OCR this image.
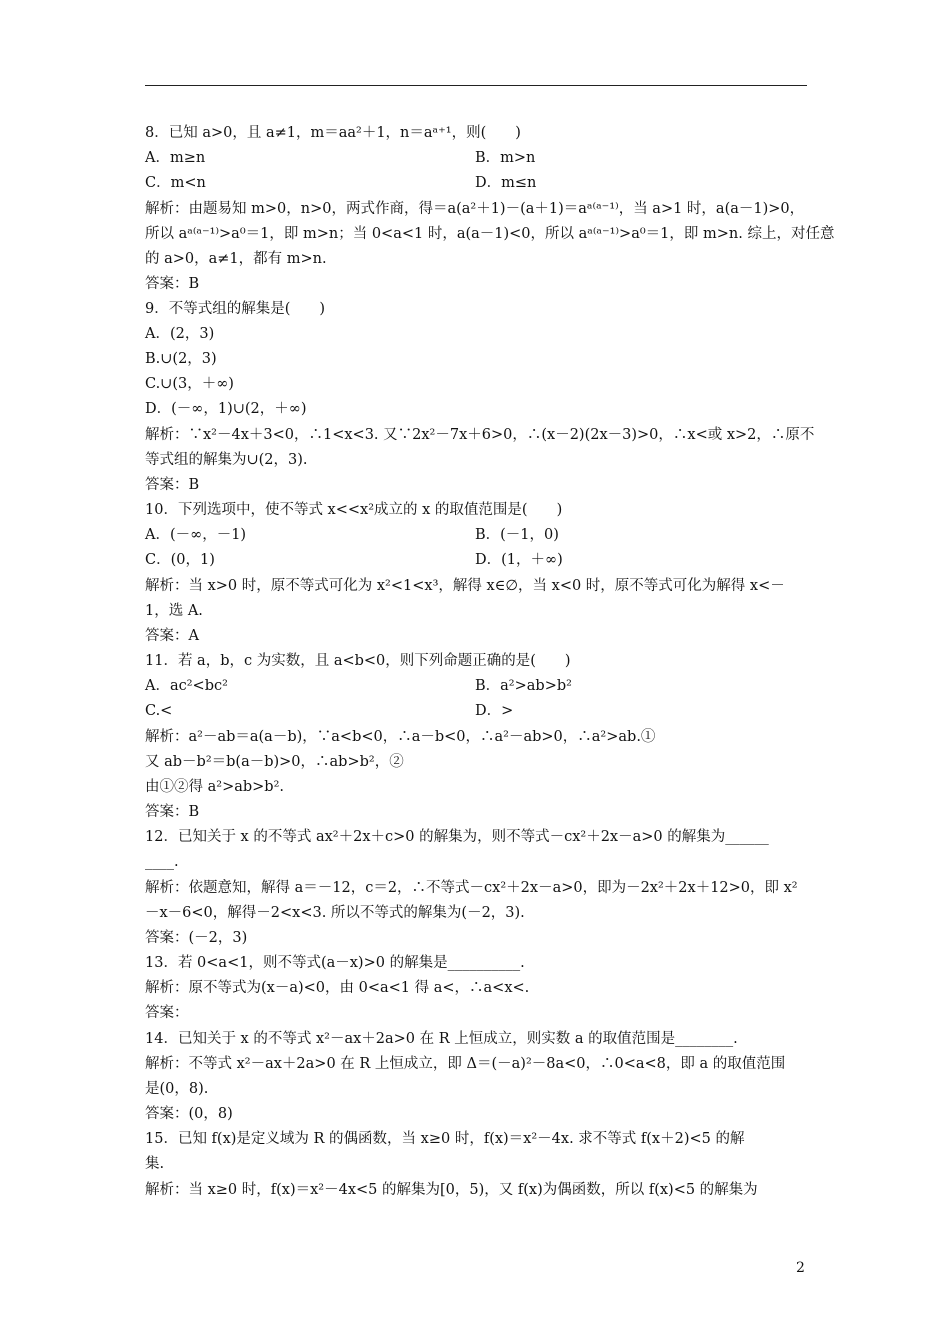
8．已知 a>0，且 a≠1，m＝aa²＋1，n＝aᵃ⁺¹，则(　　)
A．m≥n	B．m>n
C．m<n	D．m≤n
解析：由题易知 m>0，n>0，两式作商，得＝a(a²＋1)－(a＋1)＝aᵃ⁽ᵃ⁻¹⁾，当 a>1 时，a(a－1)>0，
所以 aᵃ⁽ᵃ⁻¹⁾>a⁰＝1，即 m>n；当 0<a<1 时，a(a－1)<0，所以 aᵃ⁽ᵃ⁻¹⁾>a⁰＝1，即 m>n. 综上，对任意
的 a>0，a≠1，都有 m>n.
答案：B
9．不等式组的解集是(　　)
A．(2，3)
B.∪(2，3)
C.∪(3，＋∞)
D．(－∞，1)∪(2，＋∞)
解析：∵x²－4x＋3<0，∴1<x<3. 又∵2x²－7x＋6>0，∴(x－2)(2x－3)>0，∴x<或 x>2，∴原不
等式组的解集为∪(2，3).
答案：B
10．下列选项中，使不等式 x<<x²成立的 x 的取值范围是(　　)
A．(－∞，－1)	B．(－1，0)
C．(0，1)	D．(1，＋∞)
解析：当 x>0 时，原不等式可化为 x²<1<x³，解得 x∈∅，当 x<0 时，原不等式可化为解得 x<－
1，选 A.
答案：A
11．若 a，b，c 为实数，且 a<b<0，则下列命题正确的是(　　)
A．ac²<bc²	B．a²>ab>b²
C.<	D．>
解析：a²－ab＝a(a－b)，∵a<b<0，∴a－b<0，∴a²－ab>0，∴a²>ab.①
又 ab－b²＝b(a－b)>0，∴ab>b²，②
由①②得 a²>ab>b².
答案：B
12．已知关于 x 的不等式 ax²＋2x＋c>0 的解集为，则不等式－cx²＋2x－a>0 的解集为______
____.
解析：依题意知，解得 a＝－12，c＝2，∴不等式－cx²＋2x－a>0，即为－2x²＋2x＋12>0，即 x²
－x－6<0，解得－2<x<3. 所以不等式的解集为(－2，3).
答案：(－2，3)
13．若 0<a<1，则不等式(a－x)>0 的解集是__________.
解析：原不等式为(x－a)<0，由 0<a<1 得 a<，∴a<x<.
答案：
14．已知关于 x 的不等式 x²－ax＋2a>0 在 R 上恒成立，则实数 a 的取值范围是________.
解析：不等式 x²－ax＋2a>0 在 R 上恒成立，即 Δ＝(－a)²－8a<0，∴0<a<8，即 a 的取值范围
是(0，8).
答案：(0，8)
15．已知 f(x)是定义域为 R 的偶函数，当 x≥0 时，f(x)＝x²－4x. 求不等式 f(x＋2)<5 的解
集.
解析：当 x≥0 时，f(x)＝x²－4x<5 的解集为[0，5)，又 f(x)为偶函数，所以 f(x)<5 的解集为
2
